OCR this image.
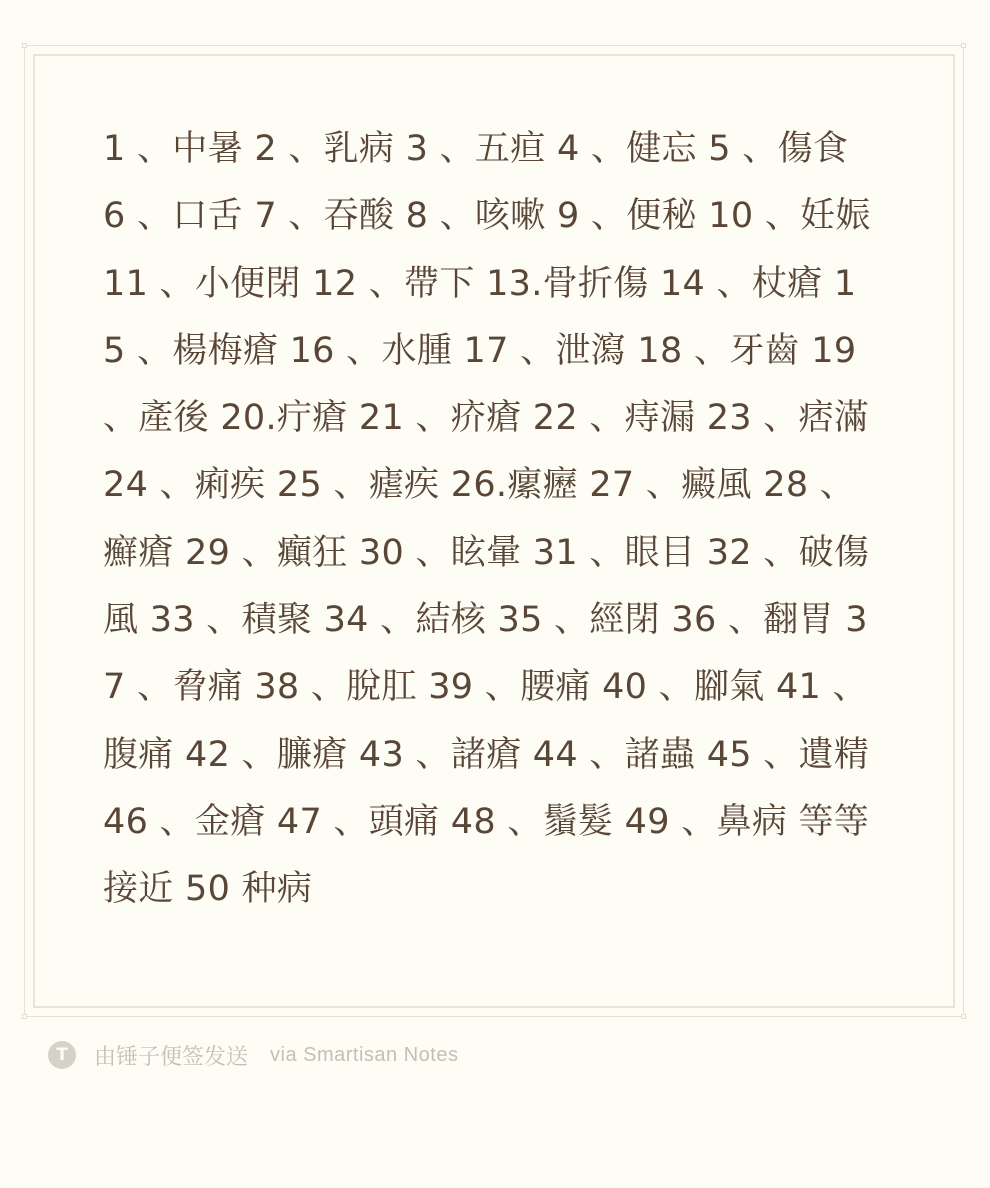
1 、中暑 2 、乳病 3 、五疸 4 、健忘 5 、傷食 6 、口舌 7 、吞酸 8 、咳嗽 9 、便秘 10 、妊娠 11 、小便閉 12 、帶下 13.骨折傷 14 、杖瘡 15 、楊梅瘡 16 、水腫 17 、泄瀉 18 、牙齒 19 、產後 20.疔瘡 21 、疥瘡 22 、痔漏 23 、痞滿 24 、痢疾 25 、瘧疾 26.瘰癧 27 、癜風 28 、癬瘡 29 、癲狂 30 、眩暈 31 、眼目 32 、破傷風 33 、積聚 34 、結核 35 、經閉 36 、翻胃 37 、脅痛 38 、脫肛 39 、腰痛 40 、腳氣 41 、腹痛 42 、臁瘡 43 、諸瘡 44 、諸蟲 45 、遺精 46 、金瘡 47 、頭痛 48 、鬚髮 49 、鼻病 等等接近 50 种病

T	由锤子便签发送 via Smartisan Notes
